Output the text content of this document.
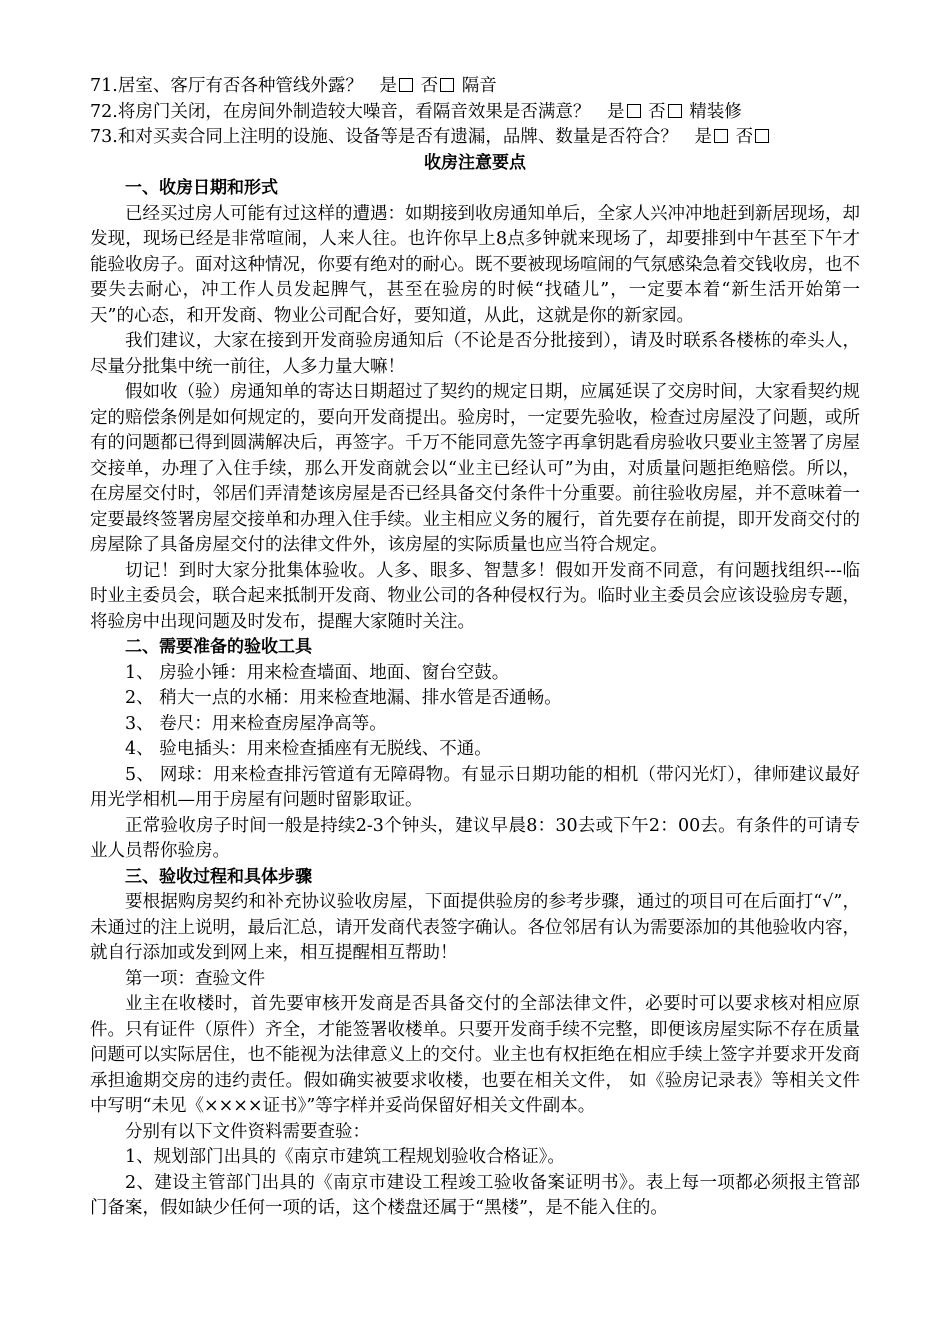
71.居室、客厅有否各种管线外露？ 是 否 隔音
72.将房门关闭，在房间外制造较大噪音，看隔音效果是否满意？ 是 否 精装修
73.和对买卖合同上注明的设施、设备等是否有遗漏，品牌、数量是否符合？ 是 否
收房注意要点
一、收房日期和形式

已经买过房人可能有过这样的遭遇：如期接到收房通知单后，全家人兴冲冲地赶到新居现场，却发现，现场已经是非常喧闹，人来人往。也许你早上8点多钟就来现场了，却要排到中午甚至下午才能验收房子。面对这种情况，你要有绝对的耐心。既不要被现场喧闹的气氛感染急着交钱收房，也不要失去耐心，冲工作人员发起脾气，甚至在验房的时候“找碴儿”，一定要本着“新生活开始第一天”的心态，和开发商、物业公司配合好，要知道，从此，这就是你的新家园。

我们建议，大家在接到开发商验房通知后（不论是否分批接到），请及时联系各楼栋的牵头人，尽量分批集中统一前往，人多力量大嘛！

假如收（验）房通知单的寄达日期超过了契约的规定日期，应属延误了交房时间，大家看契约规定的赔偿条例是如何规定的，要向开发商提出。验房时，一定要先验收，检查过房屋没了问题，或所有的问题都已得到圆满解决后，再签字。千万不能同意先签字再拿钥匙看房验收只要业主签署了房屋交接单，办理了入住手续，那么开发商就会以“业主已经认可”为由，对质量问题拒绝赔偿。所以，在房屋交付时，邻居们弄清楚该房屋是否已经具备交付条件十分重要。前往验收房屋，并不意味着一定要最终签署房屋交接单和办理入住手续。业主相应义务的履行，首先要存在前提，即开发商交付的房屋除了具备房屋交付的法律文件外，该房屋的实际质量也应当符合规定。

切记！到时大家分批集体验收。人多、眼多、智慧多！假如开发商不同意，有问题找组织---临时业主委员会，联合起来抵制开发商、物业公司的各种侵权行为。临时业主委员会应该设验房专题，将验房中出现问题及时发布，提醒大家随时关注。

二、需要准备的验收工具

1、 房验小锤：用来检查墙面、地面、窗台空鼓。

2、 稍大一点的水桶：用来检查地漏、排水管是否通畅。

3、 卷尺：用来检查房屋净高等。

4、 验电插头：用来检查插座有无脱线、不通。

5、 网球：用来检查排污管道有无障碍物。有显示日期功能的相机（带闪光灯），律师建议最好用光学相机—用于房屋有问题时留影取证。

正常验收房子时间一般是持续2-3个钟头，建议早晨8：30去或下午2：00去。有条件的可请专业人员帮你验房。

三、验收过程和具体步骤

要根据购房契约和补充协议验收房屋，下面提供验房的参考步骤，通过的项目可在后面打“√”，未通过的注上说明，最后汇总，请开发商代表签字确认。各位邻居有认为需要添加的其他验收内容，就自行添加或发到网上来，相互提醒相互帮助！

第一项：查验文件

业主在收楼时，首先要审核开发商是否具备交付的全部法律文件，必要时可以要求核对相应原件。只有证件（原件）齐全，才能签署收楼单。只要开发商手续不完整，即便该房屋实际不存在质量问题可以实际居住，也不能视为法律意义上的交付。业主也有权拒绝在相应手续上签字并要求开发商承担逾期交房的违约责任。假如确实被要求收楼，也要在相关文件， 如《验房记录表》等相关文件中写明“未见《××××证书》”等字样并妥尚保留好相关文件副本。

分别有以下文件资料需要查验：

1、规划部门出具的《南京市建筑工程规划验收合格证》。

2、建设主管部门出具的《南京市建设工程竣工验收备案证明书》。表上每一项都必须报主管部门备案，假如缺少任何一项的话，这个楼盘还属于“黑楼”，是不能入住的。
